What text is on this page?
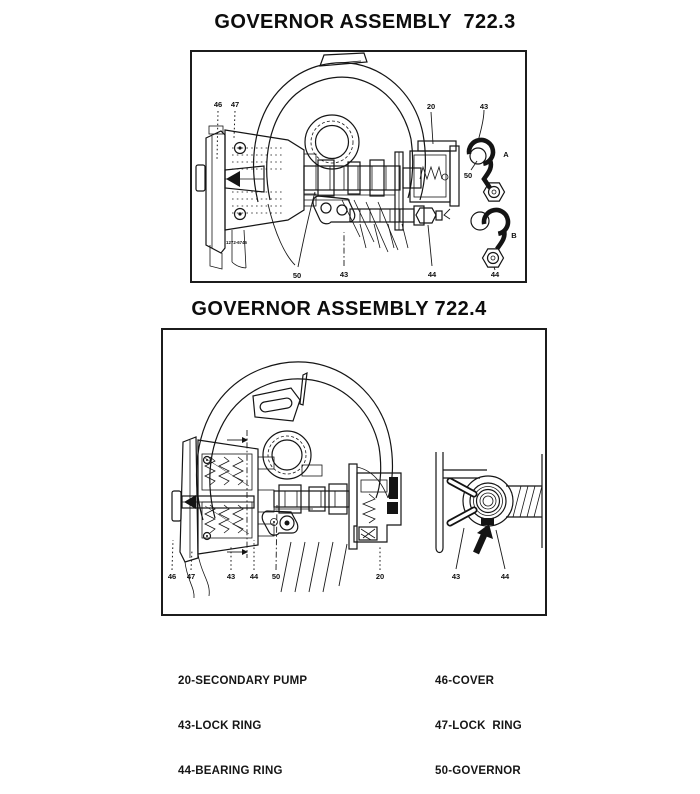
GOVERNOR ASSEMBLY  722.3
46 47	20	43
A
50
B
50	43	44	44
1272-6746
GOVERNOR ASSEMBLY 722.4
46 47	43 44 50	20	43	44

20-SECONDARY PUMP

43-LOCK RING

44-BEARING RING

46-COVER

47-LOCK  RING

50-GOVERNOR
